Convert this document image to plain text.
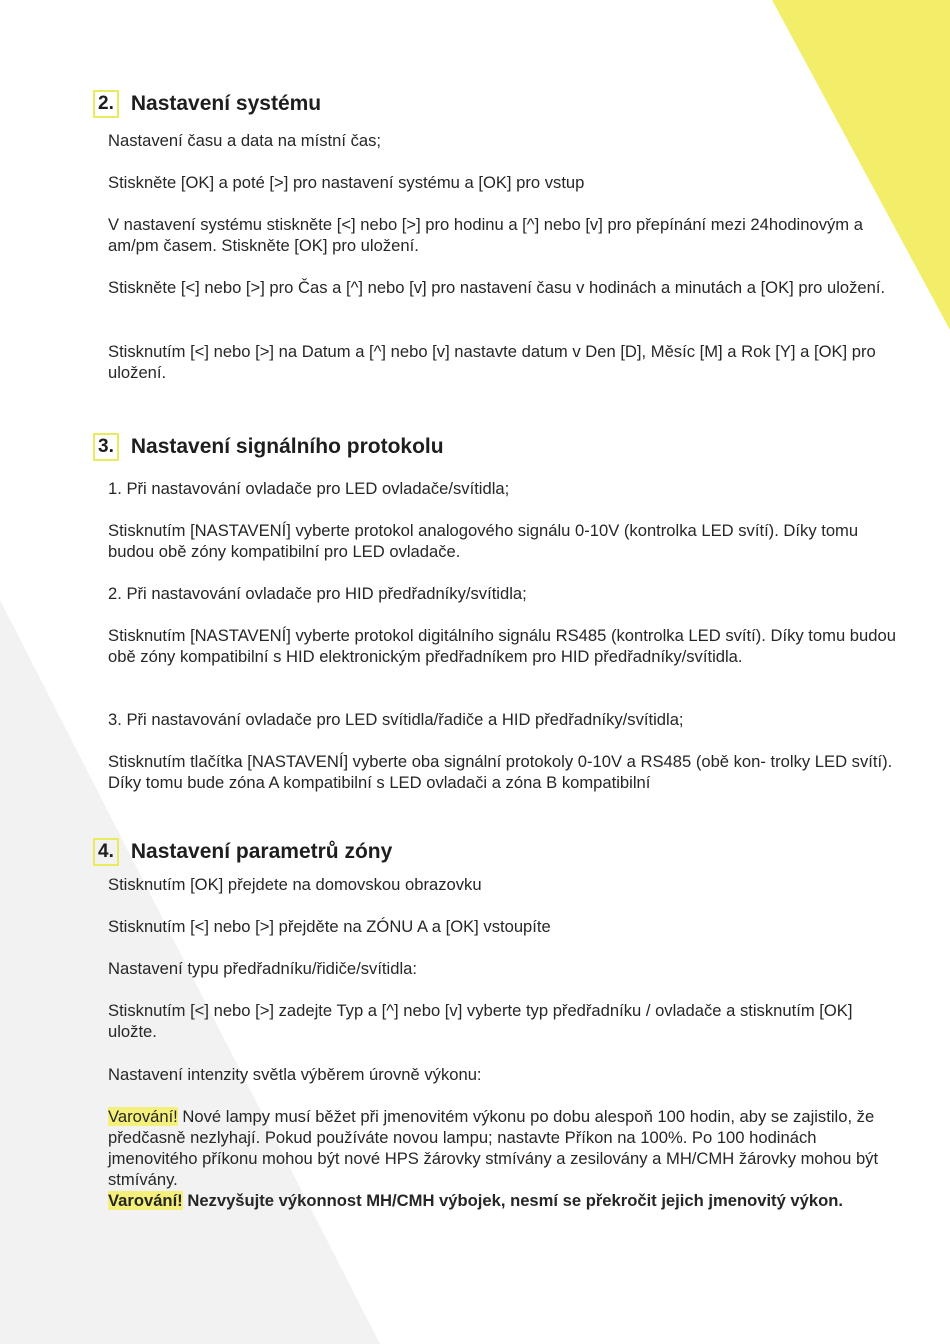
2. Nastavení systému

Nastavení času a data na místní čas;

Stiskněte [OK] a poté [>] pro nastavení systému a [OK] pro vstup

V nastavení systému stiskněte [<] nebo [>] pro hodinu a [^] nebo [v] pro přepínání mezi 24hodinovým a am/pm časem. Stiskněte [OK] pro uložení.

Stiskněte [<] nebo [>] pro Čas a [^] nebo [v] pro nastavení času v hodinách a minutách a [OK] pro uložení.

Stisknutím [<] nebo [>] na Datum a [^] nebo [v] nastavte datum v Den [D], Měsíc [M] a Rok [Y] a [OK] pro uložení.

3. Nastavení signálního protokolu

1. Při nastavování ovladače pro LED ovladače/svítidla;

Stisknutím [NASTAVENÍ] vyberte protokol analogového signálu 0-10V (kontrolka LED svítí). Díky tomu budou obě zóny kompatibilní pro LED ovladače.

2. Při nastavování ovladače pro HID předřadníky/svítidla;

Stisknutím [NASTAVENÍ] vyberte protokol digitálního signálu RS485 (kontrolka LED svítí). Díky tomu budou obě zóny kompatibilní s HID elektronickým předřadníkem pro HID předřadníky/svítidla.

3. Při nastavování ovladače pro LED svítidla/řadiče a HID předřadníky/svítidla;

Stisknutím tlačítka [NASTAVENÍ] vyberte oba signální protokoly 0-10V a RS485 (obě kon- trolky LED svítí). Díky tomu bude zóna A kompatibilní s LED ovladači a zóna B kompatibilní

4. Nastavení parametrů zóny

Stisknutím [OK] přejdete na domovskou obrazovku

Stisknutím [<] nebo [>] přejděte na ZÓNU A a [OK] vstoupíte

Nastavení typu předřadníku/řidiče/svítidla:

Stisknutím [<] nebo [>] zadejte Typ a [^] nebo [v] vyberte typ předřadníku / ovladače a stisknutím [OK] uložte.

Nastavení intenzity světla výběrem úrovně výkonu:

Varování! Nové lampy musí běžet při jmenovitém výkonu po dobu alespoň 100 hodin, aby se zajistilo, že předčasně nezlyhají. Pokud používáte novou lampu; nastavte Příkon na 100%. Po 100 hodinách jmenovitého příkonu mohou být nové HPS žárovky stmívány a zesilovány a MH/CMH žárovky mohou být stmívány.

Varování! Nezvyšujte výkonnost MH/CMH výbojek, nesmí se překročit jejich jmenovitý výkon.
